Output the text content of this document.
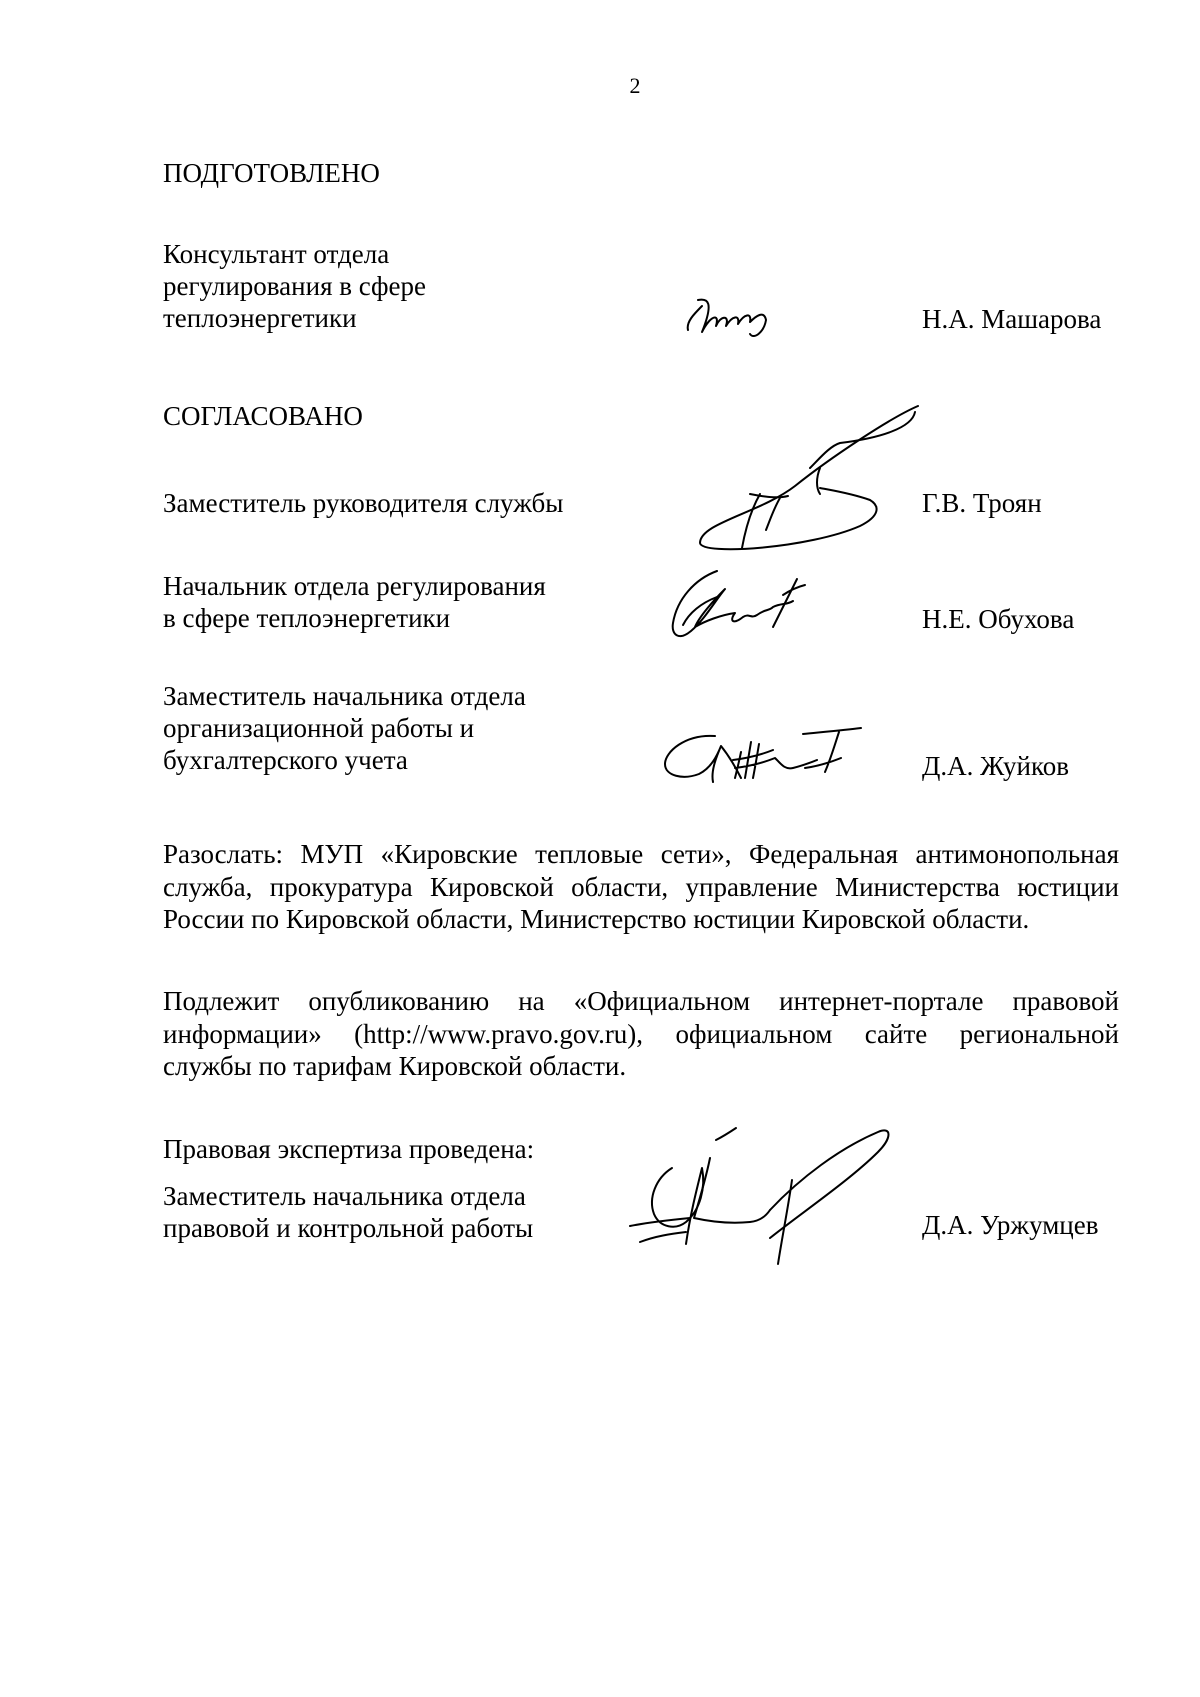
2
ПОДГОТОВЛЕНО
Консультант отдела
регулирования в сфере
теплоэнергетики	Н.А. Машарова
СОГЛАСОВАНО
Заместитель руководителя службы	Г.В. Троян
Начальник отдела регулирования
в сфере теплоэнергетики	Н.Е. Обухова
Заместитель начальника отдела
организационной работы и
бухгалтерского учета	Д.А. Жуйков
Разослать: МУП «Кировские тепловые сети», Федеральная антимонопольная
служба, прокуратура Кировской области, управление Министерства юстиции
России по Кировской области, Министерство юстиции Кировской области.
Подлежит опубликованию на «Официальном интернет-портале правовой
информации» (http://www.pravo.gov.ru), официальном сайте региональной
службы по тарифам Кировской области.
Правовая экспертиза проведена:
Заместитель начальника отдела
правовой и контрольной работы	Д.А. Уржумцев
